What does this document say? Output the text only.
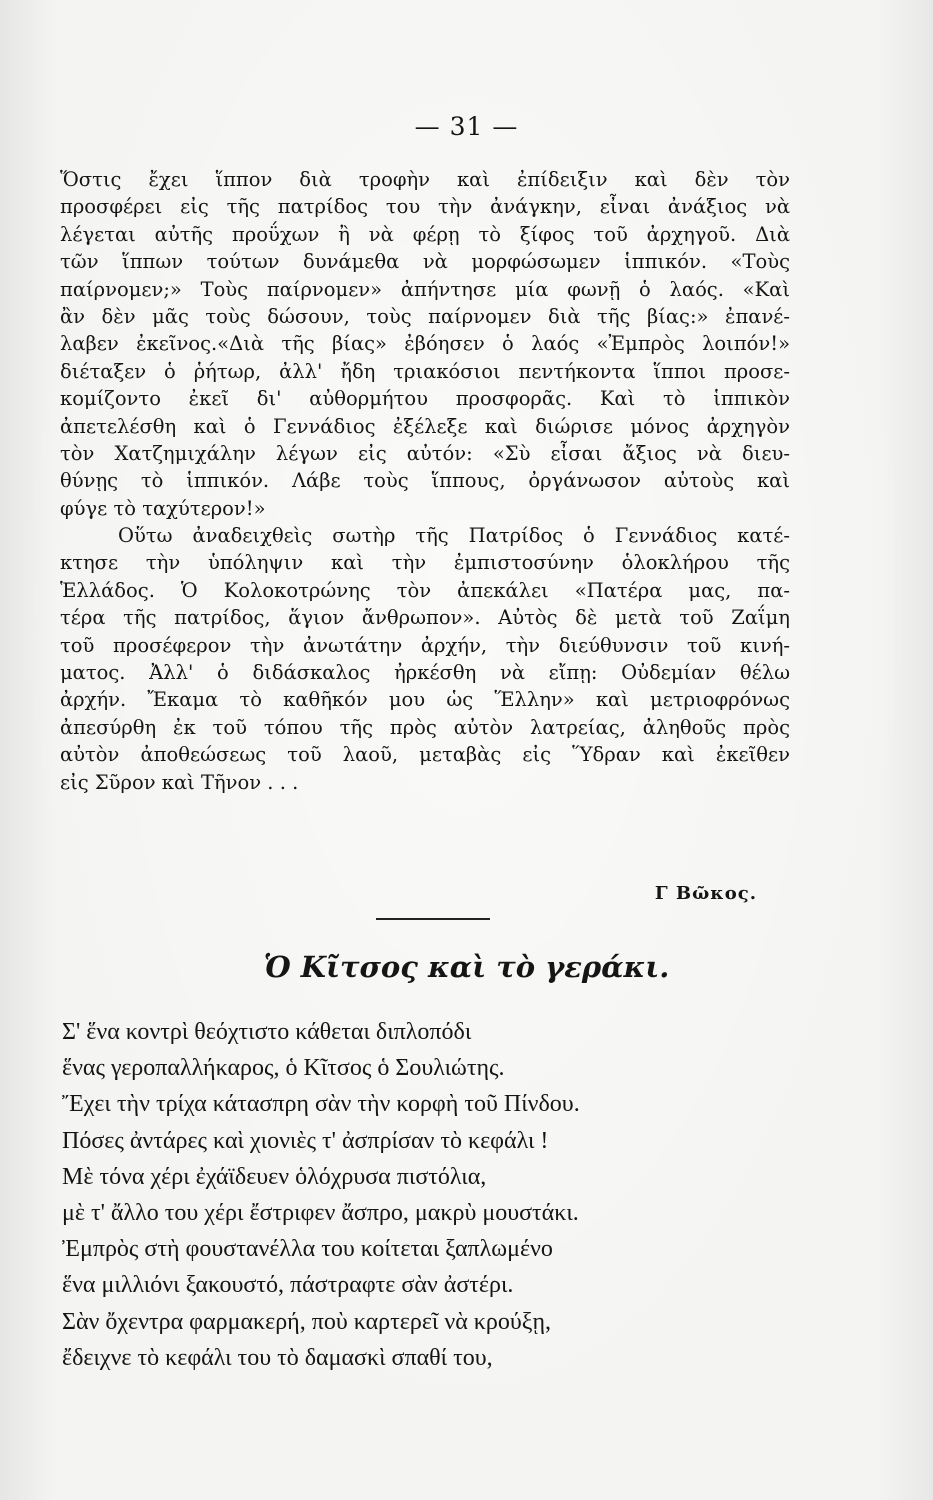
— 31 —
Ὅστις ἔχει ἵππον διὰ τροφὴν καὶ ἐπίδειξιν καὶ δὲν τὸν
προσφέρει εἰς τῆς πατρίδος του τὴν ἀνάγκην, εἶναι ἀνάξιος νὰ
λέγεται αὐτῆς προΰχων ἢ νὰ φέρῃ τὸ ξίφος τοῦ ἀρχηγοῦ. Διὰ
τῶν ἵππων τούτων δυνάμεθα νὰ μορφώσωμεν ἱππικόν. «Τοὺς
παίρνομεν;» Τοὺς παίρνομεν» ἀπήντησε μία φωνῇ ὁ λαός. «Καὶ
ἂν δὲν μᾶς τοὺς δώσουν, τοὺς παίρνομεν διὰ τῆς βίας:» ἐπανέ-
λαβεν ἐκεῖνος.«Διὰ τῆς βίας» ἐβόησεν ὁ λαός «Ἐμπρὸς λοιπόν!»
διέταξεν ὁ ῥήτωρ, ἀλλ' ἤδη τριακόσιοι πεντήκοντα ἵπποι προσε-
κομίζοντο ἐκεῖ δι' αὐθορμήτου προσφορᾶς. Καὶ τὸ ἱππικὸν
ἀπετελέσθη καὶ ὁ Γεννάδιος ἐξέλεξε καὶ διώρισε μόνος ἀρχηγὸν
τὸν Χατζημιχάλην λέγων εἰς αὐτόν: «Σὺ εἶσαι ἄξιος νὰ διευ-
θύνῃς τὸ ἱππικόν. Λάβε τοὺς ἵππους, ὀργάνωσον αὐτοὺς καὶ
φύγε τὸ ταχύτερον!»
Οὕτω ἀναδειχθεὶς σωτὴρ τῆς Πατρίδος ὁ Γεννάδιος κατέ-
κτησε τὴν ὑπόληψιν καὶ τὴν ἐμπιστοσύνην ὁλοκλήρου τῆς
Ἑλλάδος. Ὁ Κολοκοτρώνης τὸν ἀπεκάλει «Πατέρα μας, πα-
τέρα τῆς πατρίδος, ἅγιον ἄνθρωπον». Αὐτὸς δὲ μετὰ τοῦ Ζαΐμη
τοῦ προσέφερον τὴν ἀνωτάτην ἀρχήν, τὴν διεύθυνσιν τοῦ κινή-
ματος. Ἀλλ' ὁ διδάσκαλος ἠρκέσθη νὰ εἴπῃ: Οὐδεμίαν θέλω
ἀρχήν. Ἔκαμα τὸ καθῆκόν μου ὡς Ἕλλην» καὶ μετριοφρόνως
ἀπεσύρθη ἐκ τοῦ τόπου τῆς πρὸς αὐτὸν λατρείας, ἀληθοῦς πρὸς
αὐτὸν ἀποθεώσεως τοῦ λαοῦ, μεταβὰς εἰς Ὕδραν καὶ ἐκεῖθεν
εἰς Σῦρον καὶ Τῆνον . . .
Γ Βῶκος.
Ὁ Κῖτσος καὶ τὸ γεράκι.
Σ' ἕνα κοντρὶ θεόχτιστο κάθεται διπλοπόδι
ἕνας γεροπαλλήκαρος, ὁ Κῖτσος ὁ Σουλιώτης.
Ἔχει τὴν τρίχα κάτασπρη σὰν τὴν κορφὴ τοῦ Πίνδου.
Πόσες ἀντάρες καὶ χιονιὲς τ' ἀσπρίσαν τὸ κεφάλι !
Μὲ τόνα χέρι ἐχάϊδευεν ὁλόχρυσα πιστόλια,
μὲ τ' ἄλλο του χέρι ἔστριφεν ἄσπρο, μακρὺ μουστάκι.
Ἐμπρὸς στὴ φουστανέλλα του κοίτεται ξαπλωμένο
ἕνα μιλλιόνι ξακουστό, πάστραφτε σὰν ἀστέρι.
Σὰν ὄχεντρα φαρμακερή, ποὺ καρτερεῖ νὰ κρούξῃ,
ἔδειχνε τὸ κεφάλι του τὸ δαμασκὶ σπαθί του,
